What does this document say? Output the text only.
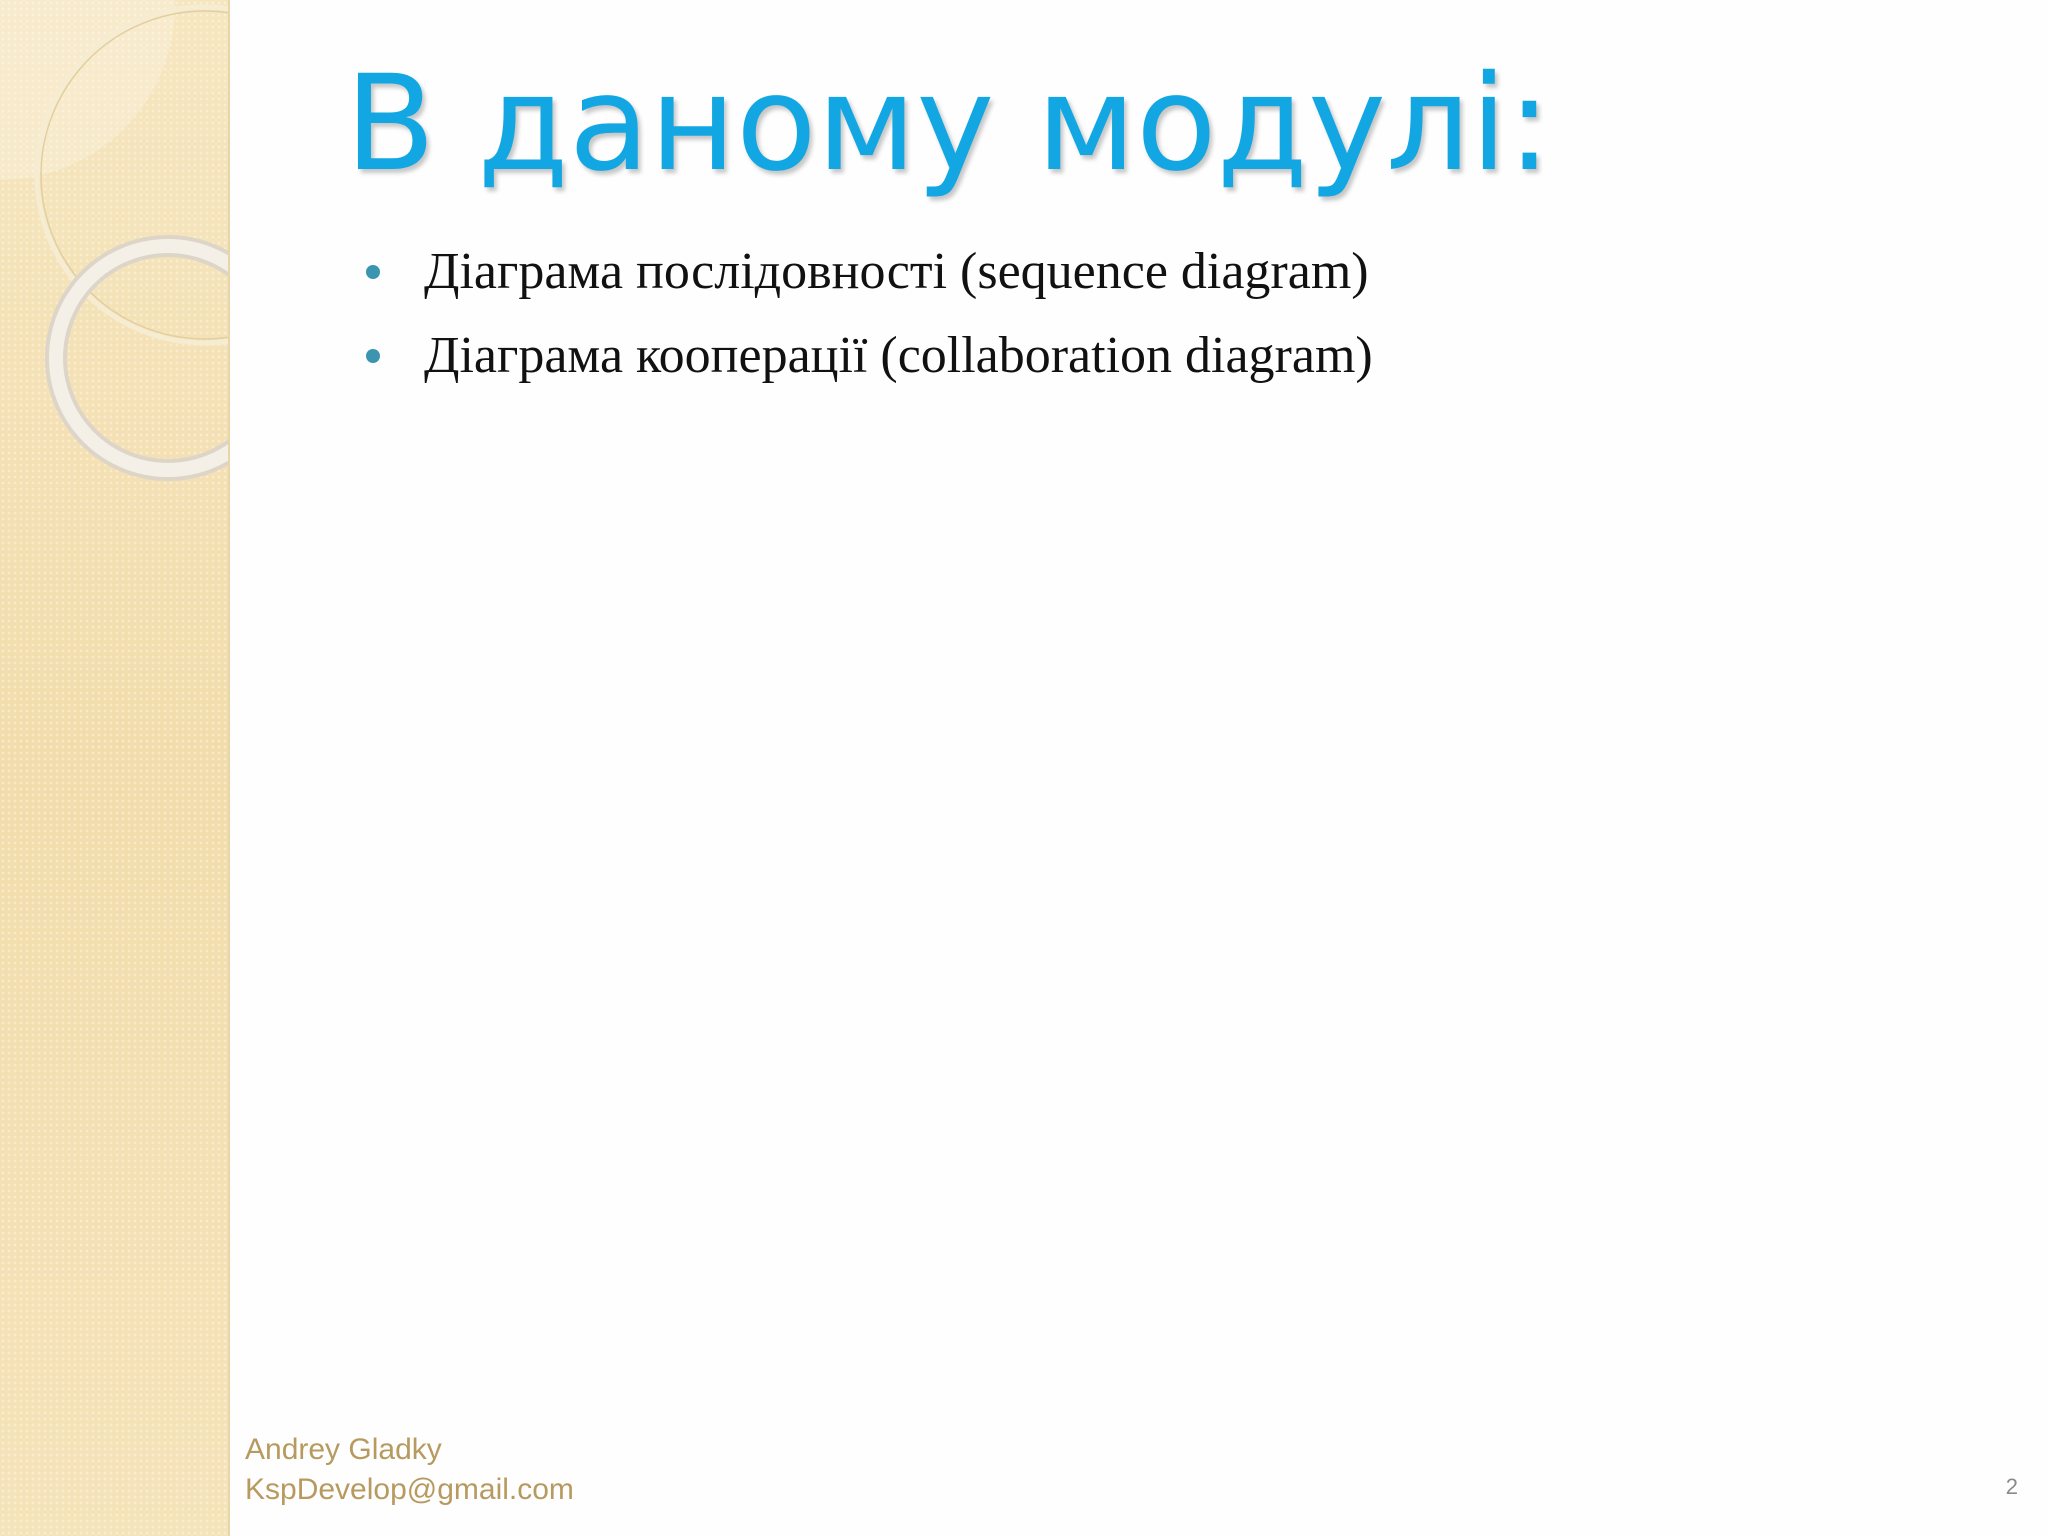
В даному модулі:
Діаграма послідовності (sequence diagram)
Діаграма кооперації (collaboration diagram)
Andrey Gladky
KspDevelop@gmail.com	2
